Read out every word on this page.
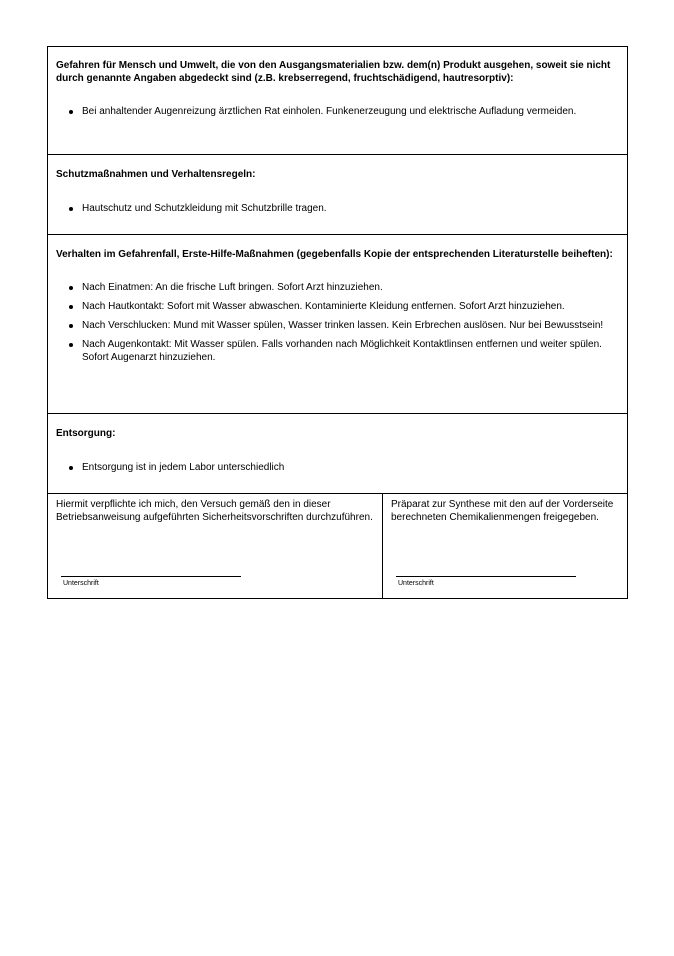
Gefahren für Mensch und Umwelt, die von den Ausgangsmaterialien bzw. dem(n) Produkt ausgehen, soweit sie nicht durch genannte Angaben abgedeckt sind (z.B. krebserregend, fruchtschädigend, hautresorptiv):

Bei anhaltender Augenreizung ärztlichen Rat einholen. Funkenerzeugung und elektrische Aufladung vermeiden.

Schutzmaßnahmen und Verhaltensregeln:

Hautschutz und Schutzkleidung mit Schutzbrille tragen.

Verhalten im Gefahrenfall, Erste-Hilfe-Maßnahmen (gegebenfalls Kopie der entsprechenden Literaturstelle beiheften):

Nach Einatmen: An die frische Luft bringen. Sofort Arzt hinzuziehen.
Nach Hautkontakt: Sofort mit Wasser abwaschen. Kontaminierte Kleidung entfernen. Sofort Arzt hinzuziehen.
Nach Verschlucken: Mund mit Wasser spülen, Wasser trinken lassen. Kein Erbrechen auslösen. Nur bei Bewusstsein!
Nach Augenkontakt: Mit Wasser spülen. Falls vorhanden nach Möglichkeit Kontaktlinsen entfernen und weiter spülen. Sofort Augenarzt hinzuziehen.

Entsorgung:

Entsorgung ist in jedem Labor unterschiedlich
Hiermit verpflichte ich mich, den Versuch gemäß den in dieser Betriebsanweisung aufgeführten Sicherheitsvorschriften durchzuführen.
Unterschrift
Präparat zur Synthese mit den auf der Vorderseite berechneten Chemikalienmengen freigegeben.
Unterschrift
